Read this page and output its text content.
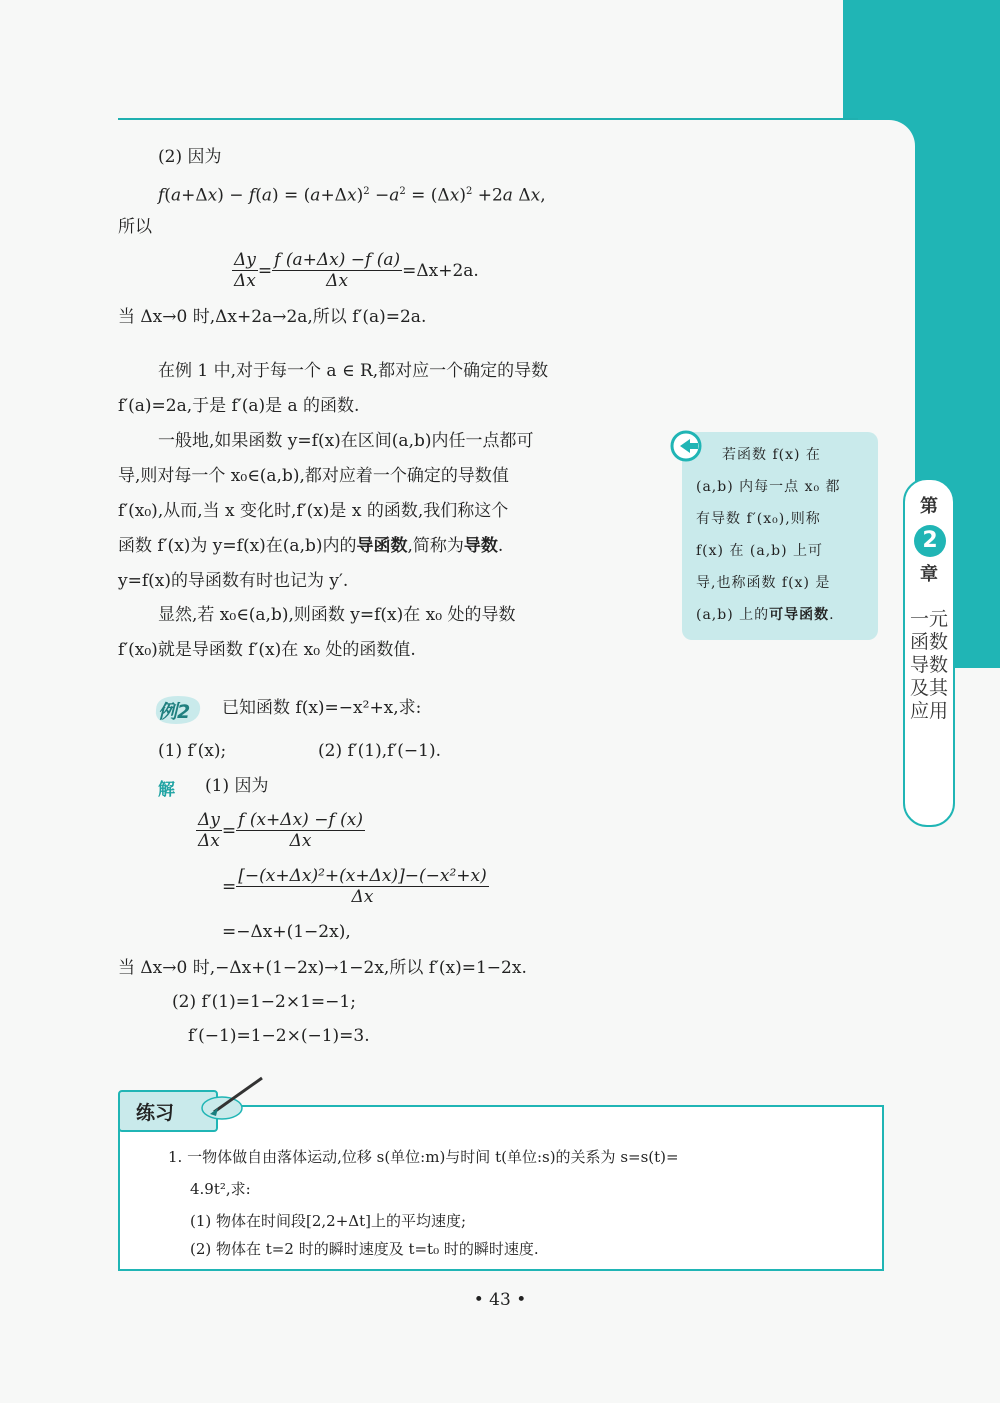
(2) 因为
$f(a+\Delta x) - f(a) = (a+\Delta x)^2 -a^2 = (\Delta x)^2 +2a$ Δx,
所以
$\frac{\Delta y}{\Delta x} = \frac{f (a+\Delta x) -f (a)}{\Delta x} =\Delta x+2a$.
当 Δx→0 时,Δx+2a→2a,所以 f′(a)=2a.
在例 1 中,对于每一个 a ∈ R,都对应一个确定的导数
f′(a)=2a,于是 f′(a)是 a 的函数.
一般地,如果函数 y=f(x)在区间(a,b)内任一点都可
导,则对每一个 x₀∈(a,b),都对应着一个确定的导数值
f′(x₀),从而,当 x 变化时,f′(x)是 x 的函数,我们称这个
函数 f′(x)为 y=f(x)在(a,b)内的导函数,简称为导数.
y=f(x)的导函数有时也记为 y′.
显然,若 x₀∈(a,b),则函数 y=f(x)在 x₀ 处的导数
f′(x₀)就是导函数 f′(x)在 x₀ 处的函数值.
若函数 f(x) 在
(a,b) 内每一点 x₀ 都
有导数 f′(x₀),则称
f(x) 在 (a,b) 上可
导,也称函数 f(x) 是
(a,b) 上的可导函数.
第
2
章
一元函数导数及其应用
例2 已知函数 f(x)=−x²+x,求:
(1) f′(x);	(2) f′(1),f′(−1).
解 (1) 因为
$\frac{\Delta y}{\Delta x} = \frac{f (x+\Delta x) -f (x)}{\Delta x}$
= $\frac{\text{[−(x+Δx)²+(x+Δx)]−(−x²+x)}}{\Delta x}$
=−Δx+(1−2x),
当 Δx→0 时,−Δx+(1−2x)→1−2x,所以 f′(x)=1−2x.
(2) f′(1)=1−2×1=−1;
f′(−1)=1−2×(−1)=3.
1. 一物体做自由落体运动,位移 s(单位:m)与时间 t(单位:s)的关系为 s=s(t)=
4.9t²,求:
(1) 物体在时间段[2,2+Δt]上的平均速度;
(2) 物体在 t=2 时的瞬时速度及 t=t₀ 时的瞬时速度.
练习
• 43 •
